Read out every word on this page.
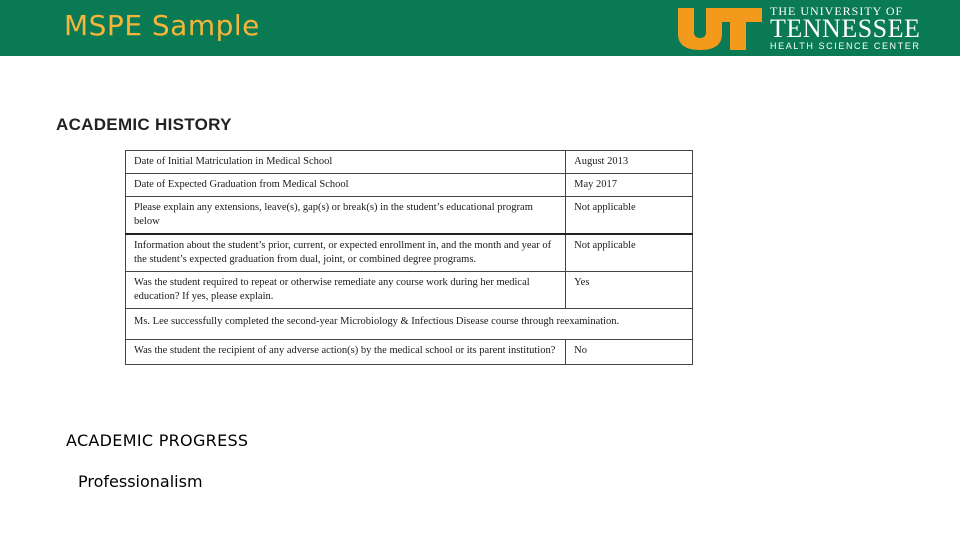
MSPE Sample	THE UNIVERSITY OF
TENNESSEE
HEALTH SCIENCE CENTER
ACADEMIC HISTORY
Date of Initial Matriculation in Medical School	August 2013
Date of Expected Graduation from Medical School	May 2017
Please explain any extensions, leave(s), gap(s) or break(s) in the student’s educational program below	Not applicable
Information about the student’s prior, current, or expected enrollment in, and the month and year of the student’s expected graduation from dual, joint, or combined degree programs.	Not applicable
Was the student required to repeat or otherwise remediate any course work during her medical education? If yes, please explain.	Yes
Ms. Lee successfully completed the second-year Microbiology & Infectious Disease course through reexamination.	
Was the student the recipient of any adverse action(s) by the medical school or its parent institution?	No
ACADEMIC PROGRESS
Professionalism
